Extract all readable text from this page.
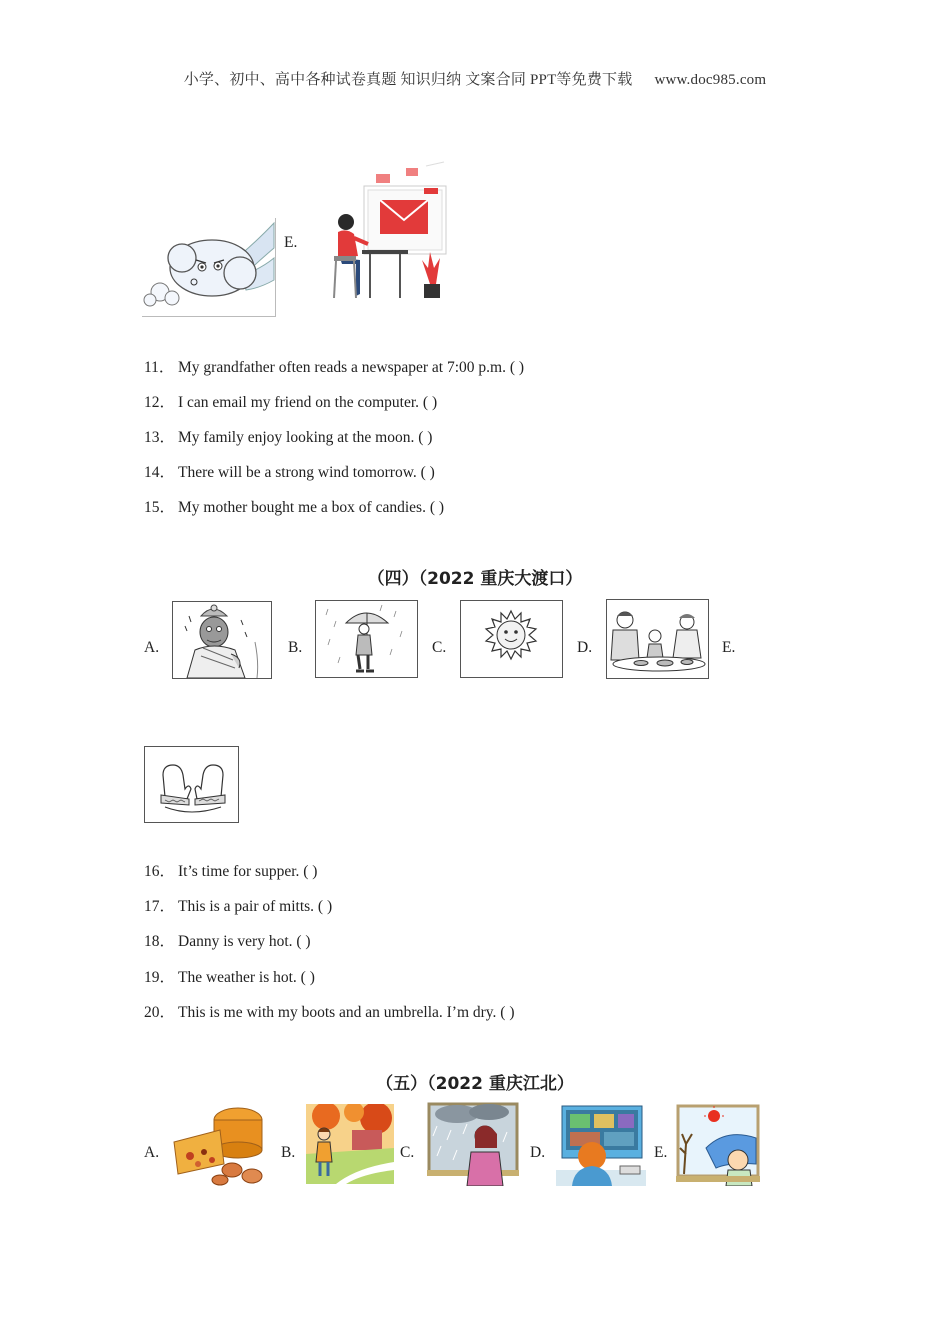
小学、初中、高中各种试卷真题 知识归纳 文案合同 PPT等免费下载 www.doc985.com
E.
11． My grandfather often reads a newspaper at 7:00 p.m. ( )
12． I can email my friend on the computer. ( )
13． My family enjoy looking at the moon. ( )
14． There will be a strong wind tomorrow. ( )
15． My mother bought me a box of candies. ( )
（四）（2022 重庆大渡口）
A.	B.	C.	D.	E.
16． It’s time for supper. ( )
17． This is a pair of mitts. ( )
18． Danny is very hot. ( )
19． The weather is hot. ( )
20． This is me with my boots and an umbrella. I’m dry. ( )
（五）（2022 重庆江北）
A.	B.	C.	D.	E.
